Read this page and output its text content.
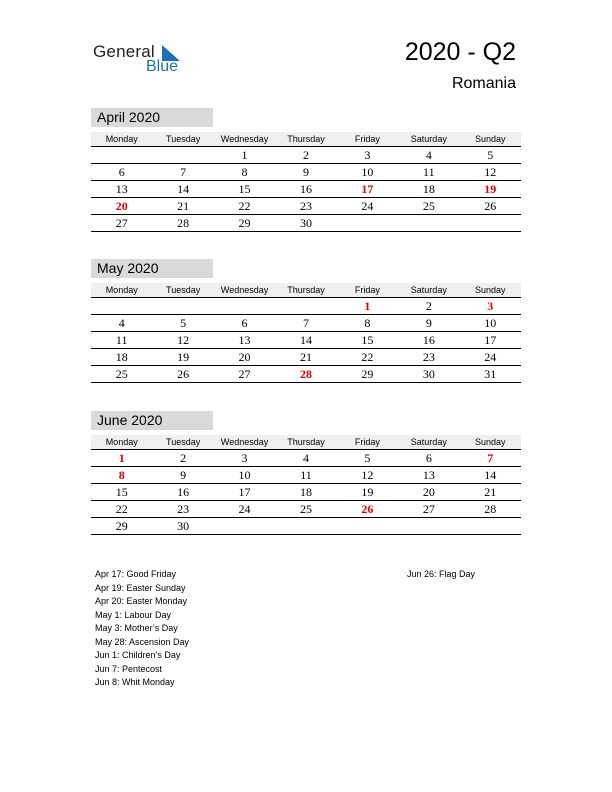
General
Blue
2020 - Q2
Romania
April 2020
Monday	Tuesday	Wednesday	Thursday	Friday	Saturday	Sunday
		1	2	3	4	5
6	7	8	9	10	11	12
13	14	15	16	17	18	19
20	21	22	23	24	25	26
27	28	29	30			
May 2020
Monday	Tuesday	Wednesday	Thursday	Friday	Saturday	Sunday
				1	2	3
4	5	6	7	8	9	10
11	12	13	14	15	16	17
18	19	20	21	22	23	24
25	26	27	28	29	30	31
June 2020
Monday	Tuesday	Wednesday	Thursday	Friday	Saturday	Sunday
1	2	3	4	5	6	7
8	9	10	11	12	13	14
15	16	17	18	19	20	21
22	23	24	25	26	27	28
29	30					
Apr 17: Good Friday
Apr 19: Easter Sunday
Apr 20: Easter Monday
May 1: Labour Day
May 3: Mother’s Day
May 28: Ascension Day
Jun 1: Children’s Day
Jun 7: Pentecost
Jun 8: Whit Monday
Jun 26: Flag Day
